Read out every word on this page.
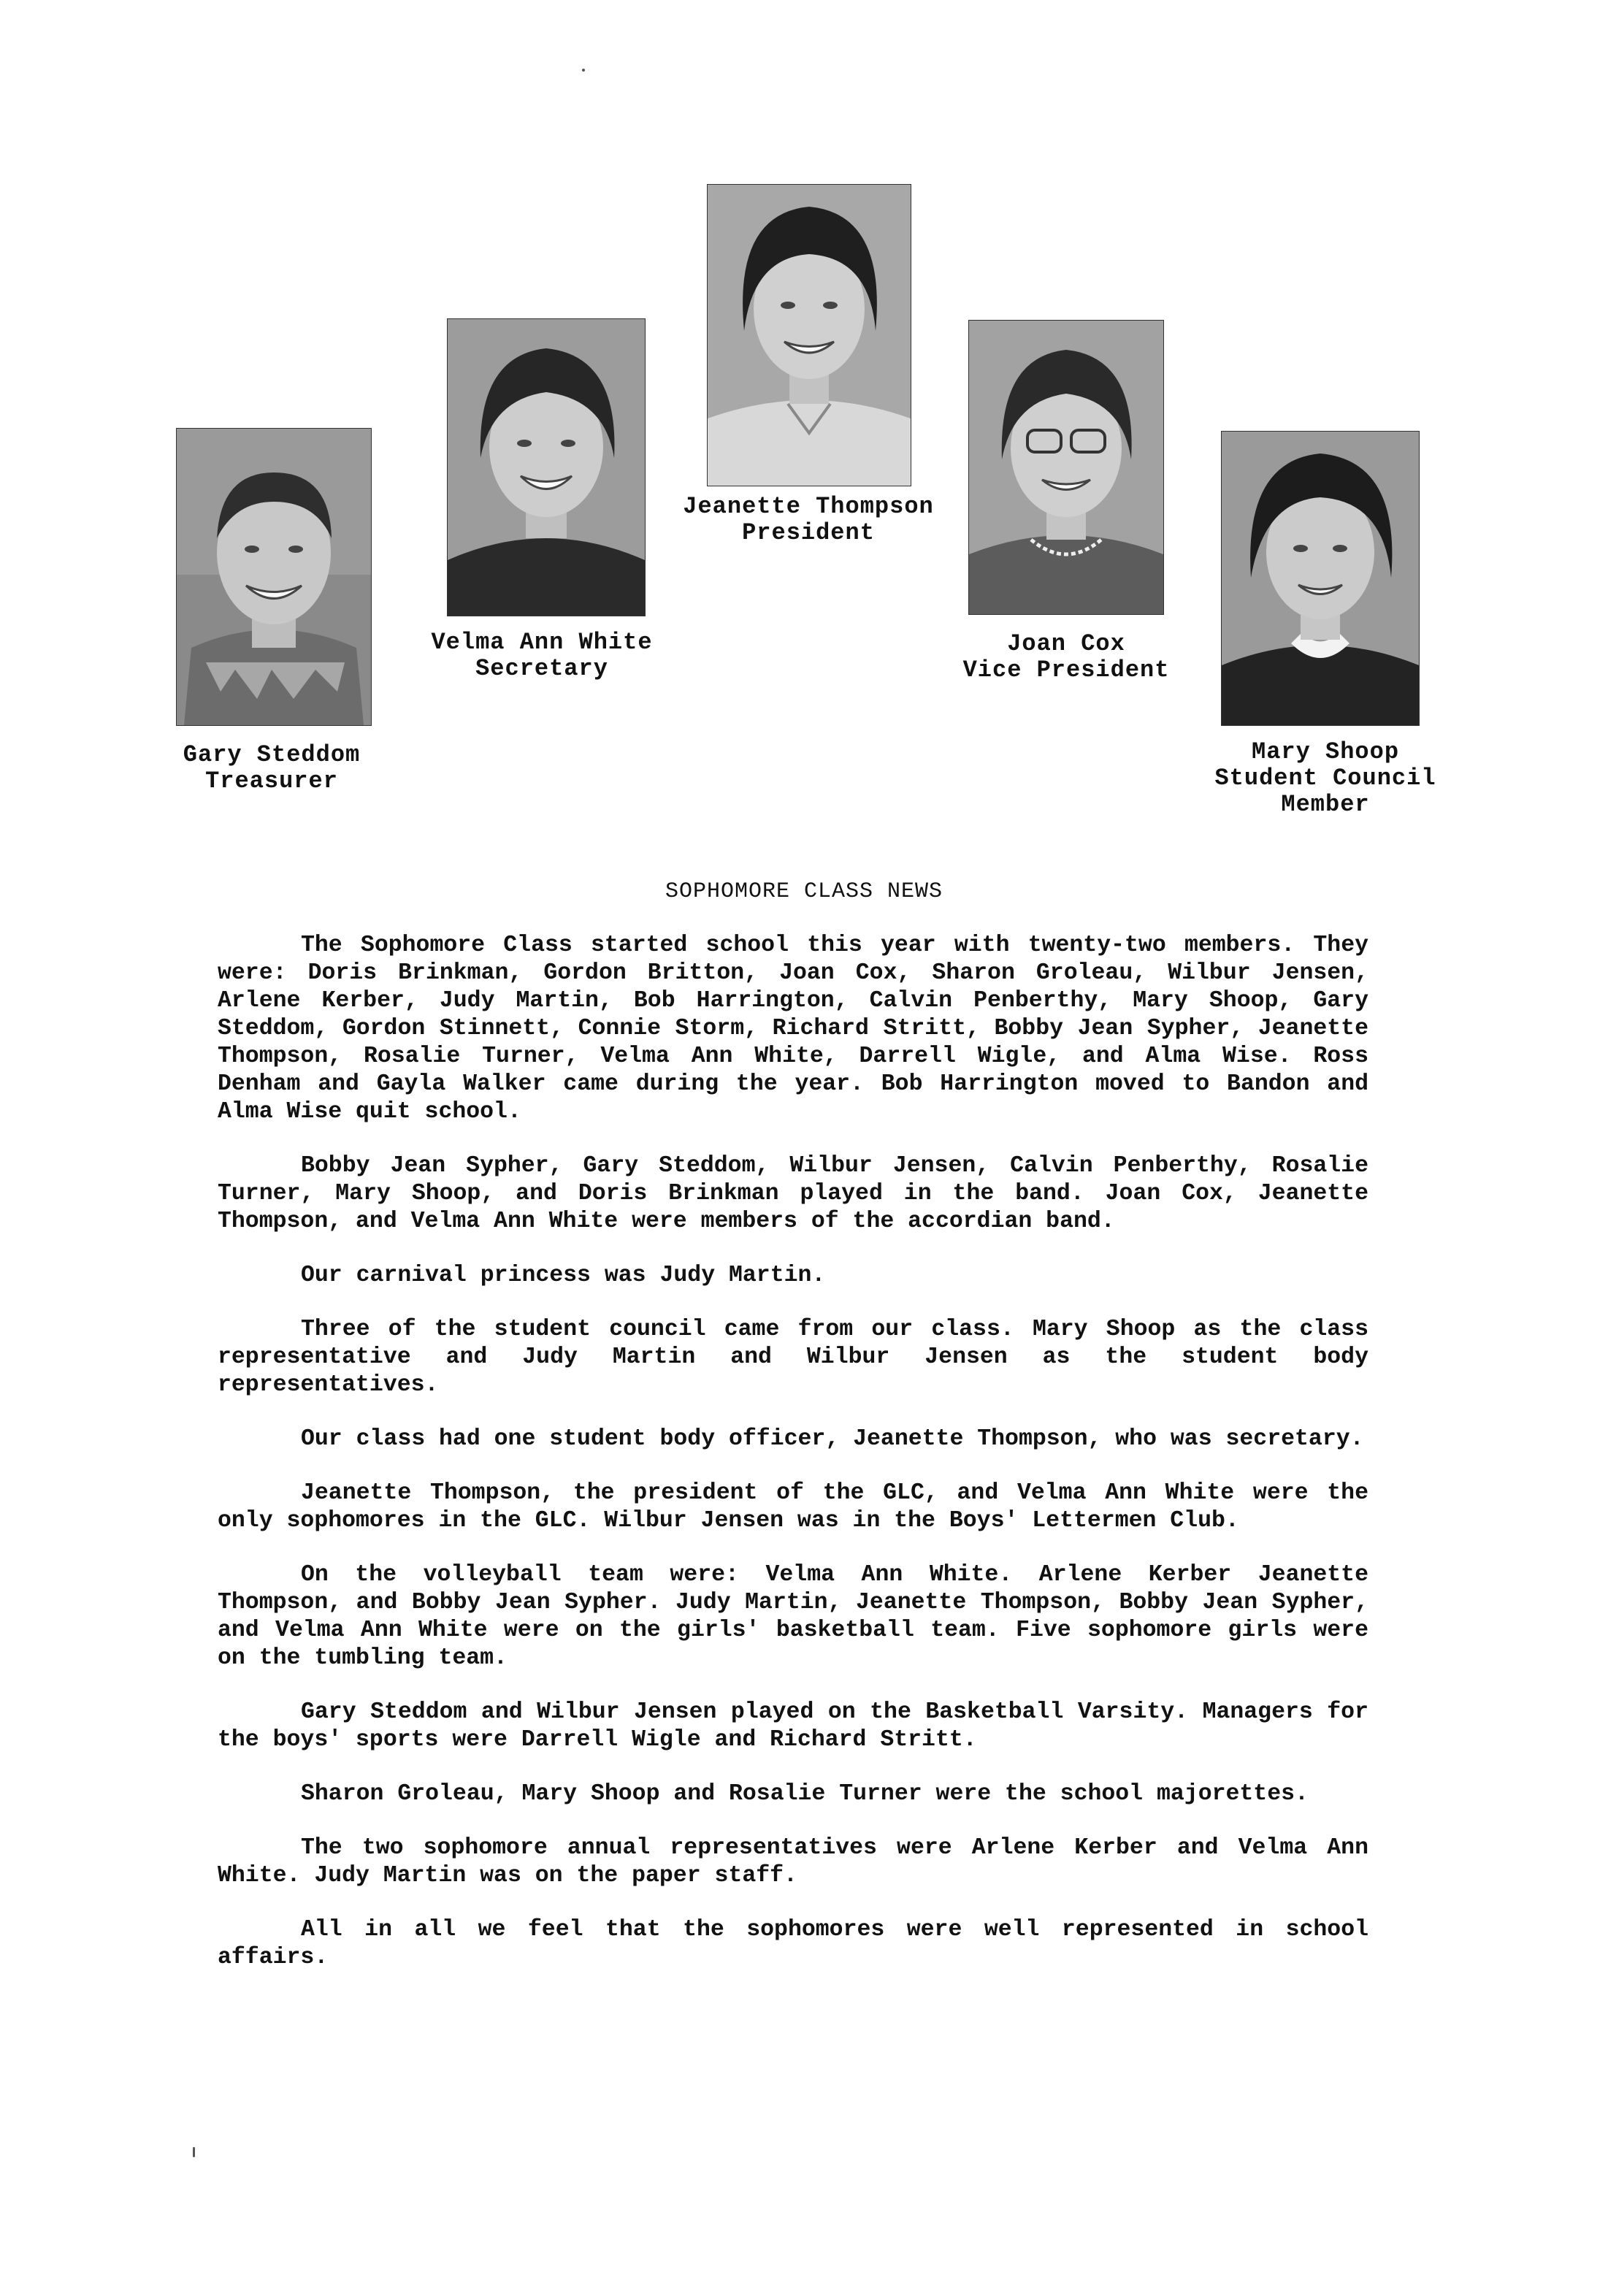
Gary Steddom
Treasurer
Velma Ann White
Secretary
Jeanette Thompson
President
Joan Cox
Vice President
Mary Shoop
Student Council
Member
SOPHOMORE CLASS NEWS

The Sophomore Class started school this year with twenty-two members. They were: Doris Brinkman, Gordon Britton, Joan Cox, Sharon Groleau, Wilbur Jensen, Arlene Kerber, Judy Martin, Bob Harrington, Calvin Penberthy, Mary Shoop, Gary Steddom, Gordon Stinnett, Connie Storm, Richard Stritt, Bobby Jean Sypher, Jeanette Thompson, Rosalie Turner, Velma Ann White, Darrell Wigle, and Alma Wise. Ross Denham and Gayla Walker came during the year. Bob Harrington moved to Bandon and Alma Wise quit school.

Bobby Jean Sypher, Gary Steddom, Wilbur Jensen, Calvin Penberthy, Rosalie Turner, Mary Shoop, and Doris Brinkman played in the band. Joan Cox, Jeanette Thompson, and Velma Ann White were members of the accordian band.

Our carnival princess was Judy Martin.

Three of the student council came from our class. Mary Shoop as the class representative and Judy Martin and Wilbur Jensen as the student body representatives.

Our class had one student body officer, Jeanette Thompson, who was secretary.

Jeanette Thompson, the president of the GLC, and Velma Ann White were the only sophomores in the GLC. Wilbur Jensen was in the Boys' Lettermen Club.

On the volleyball team were: Velma Ann White. Arlene Kerber Jeanette Thompson, and Bobby Jean Sypher. Judy Martin, Jeanette Thompson, Bobby Jean Sypher, and Velma Ann White were on the girls' basketball team. Five sophomore girls were on the tumbling team.

Gary Steddom and Wilbur Jensen played on the Basketball Varsity. Managers for the boys' sports were Darrell Wigle and Richard Stritt.

Sharon Groleau, Mary Shoop and Rosalie Turner were the school majorettes.

The two sophomore annual representatives were Arlene Kerber and Velma Ann White. Judy Martin was on the paper staff.

All in all we feel that the sophomores were well represented in school affairs.
